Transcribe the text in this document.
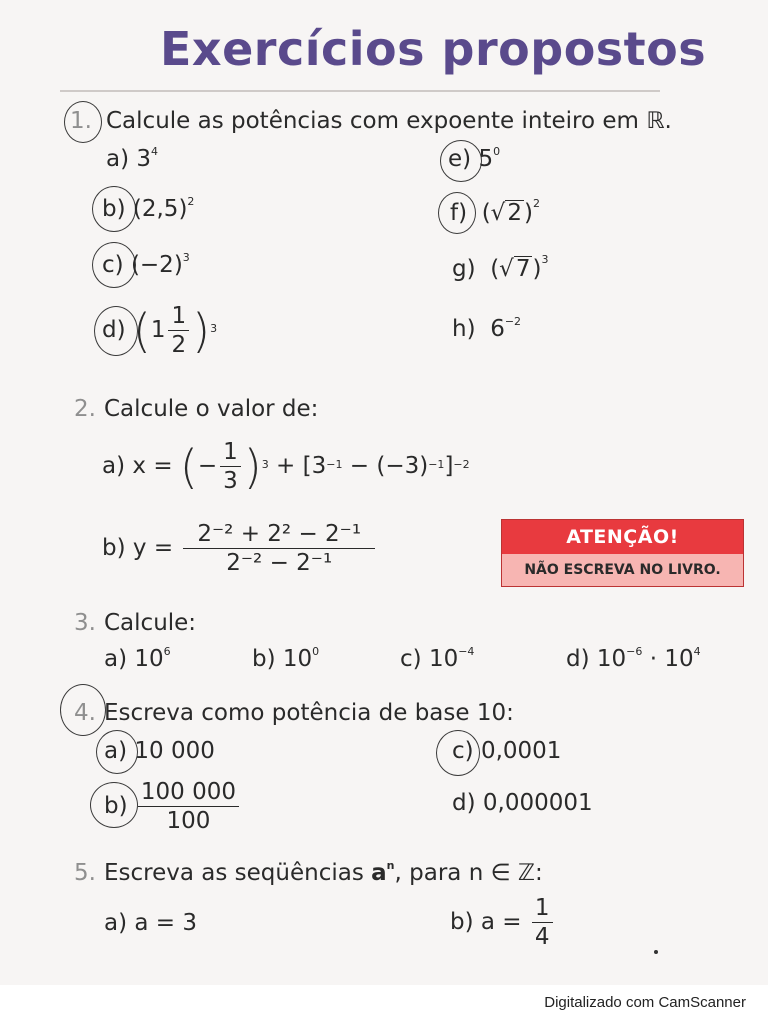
Exercícios propostos
1. Calcule as potências com expoente inteiro em ℝ.
a) $3^4$
b) $(2,5)^2$
c) $(-2)^3$
d)
( $1 \frac{1}{2} )^3$
e) $5^0$
f)  $(√2)^2$
g)  $(√7)^3$
h) $6^{-2}$
2. Calcule o valor de:
a)
x =
( − $\frac{1}{3} )^3$
+ [$3^{-1}$
− $(-3)^{-1}$ ]$^{-2}$
b)
y =
$\frac{\text{2⁻² + 2² − 2⁻¹}}{\text{2⁻² − 2⁻¹}}$	ATENÇÃO!
NÃO ESCREVA NO LIVRO.
3. Calcule:
a) $10^6$	b) $10^0$	c) $10^{-4}$	d) $10^{-6} \cdot 10^4$
4. Escreva como potência de base 10:
a) 10 000
b)
$\frac{100 000}{100}$
c) 0,0001
d) 0,000001
5. Escreva as seqüências $a^n$, para n ∈ ℤ:
a) a = 3	b)
a =
$\frac{1}{4}$
Digitalizado com CamScanner
